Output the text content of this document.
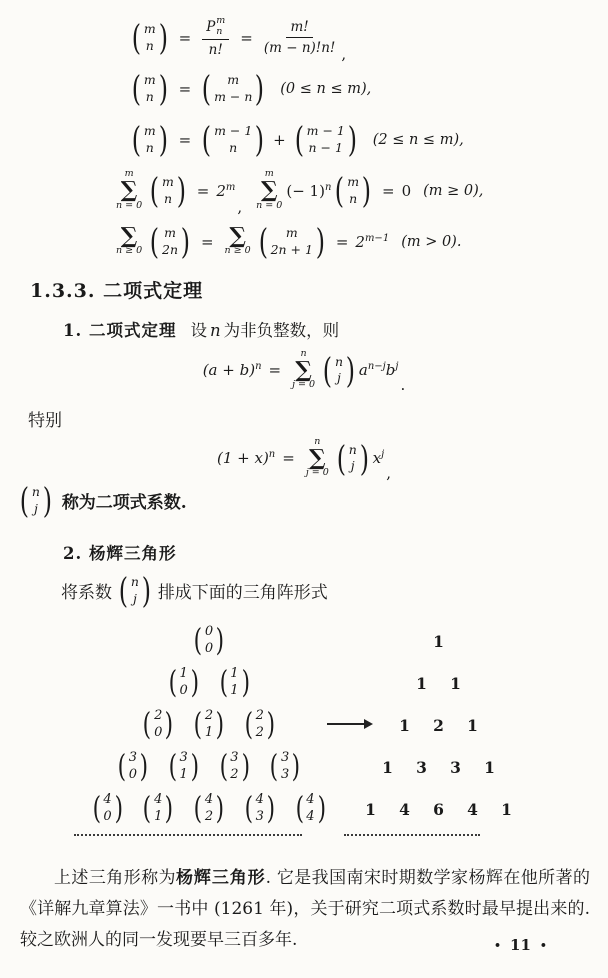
( m
n ) = P m
n
n! = $\frac{m!}{(m - n)!n!}$ ,
( m
n ) = ( m
m − n ) (0 ≤ n ≤ m),
( m
n ) = ( m − 1
n ) + ( m − 1
n − 1 ) (2 ≤ n ≤ m),
m
∑
n = 0 ( m
n ) = $2^m$
,
m
∑
n = 0
(− 1)$^n$ ( m
n ) = 0 (m ≥ 0),
∑
n ≥ 0 ( m
2n ) = ∑
n ≥ 0 ( m
2n + 1 ) = $2^{m-1}$ (m > 0).
1.3.3. 二项式定理
1. 二项式定理 设 n 为非负整数，则
$(a + b)^n$ =
n
∑
j = 0 ( n
j ) $a^{n-j}$ $b^j$
.
特别
$(1 + x)^n$ =
n
∑
j = 0 ( n
j ) $x^j$
,
( n
j ) 称为二项式系数.
2. 杨辉三角形
将系数 ( n
j ) 排成下面的三角阵形式
( 0
0 )
( 1
0 ) ( 1
1 )
( 2
0 ) ( 2
1 ) ( 2
2 )
( 3
0 ) ( 3
1 ) ( 3
2 ) ( 3
3 )
( 4
0 ) ( 4
1 ) ( 4
2 ) ( 4
3 ) ( 4
4 )
1
1 1
1 2 1
1 3 3 1
1 4 6 4 1

上述三角形称为杨辉三角形. 它是我国南宋时期数学家杨辉在他所著的《详解九章算法》一书中 (1261 年)，关于研究二项式系数时最早提出来的. 较之欧洲人的同一发现要早三百多年.	• 11 •
